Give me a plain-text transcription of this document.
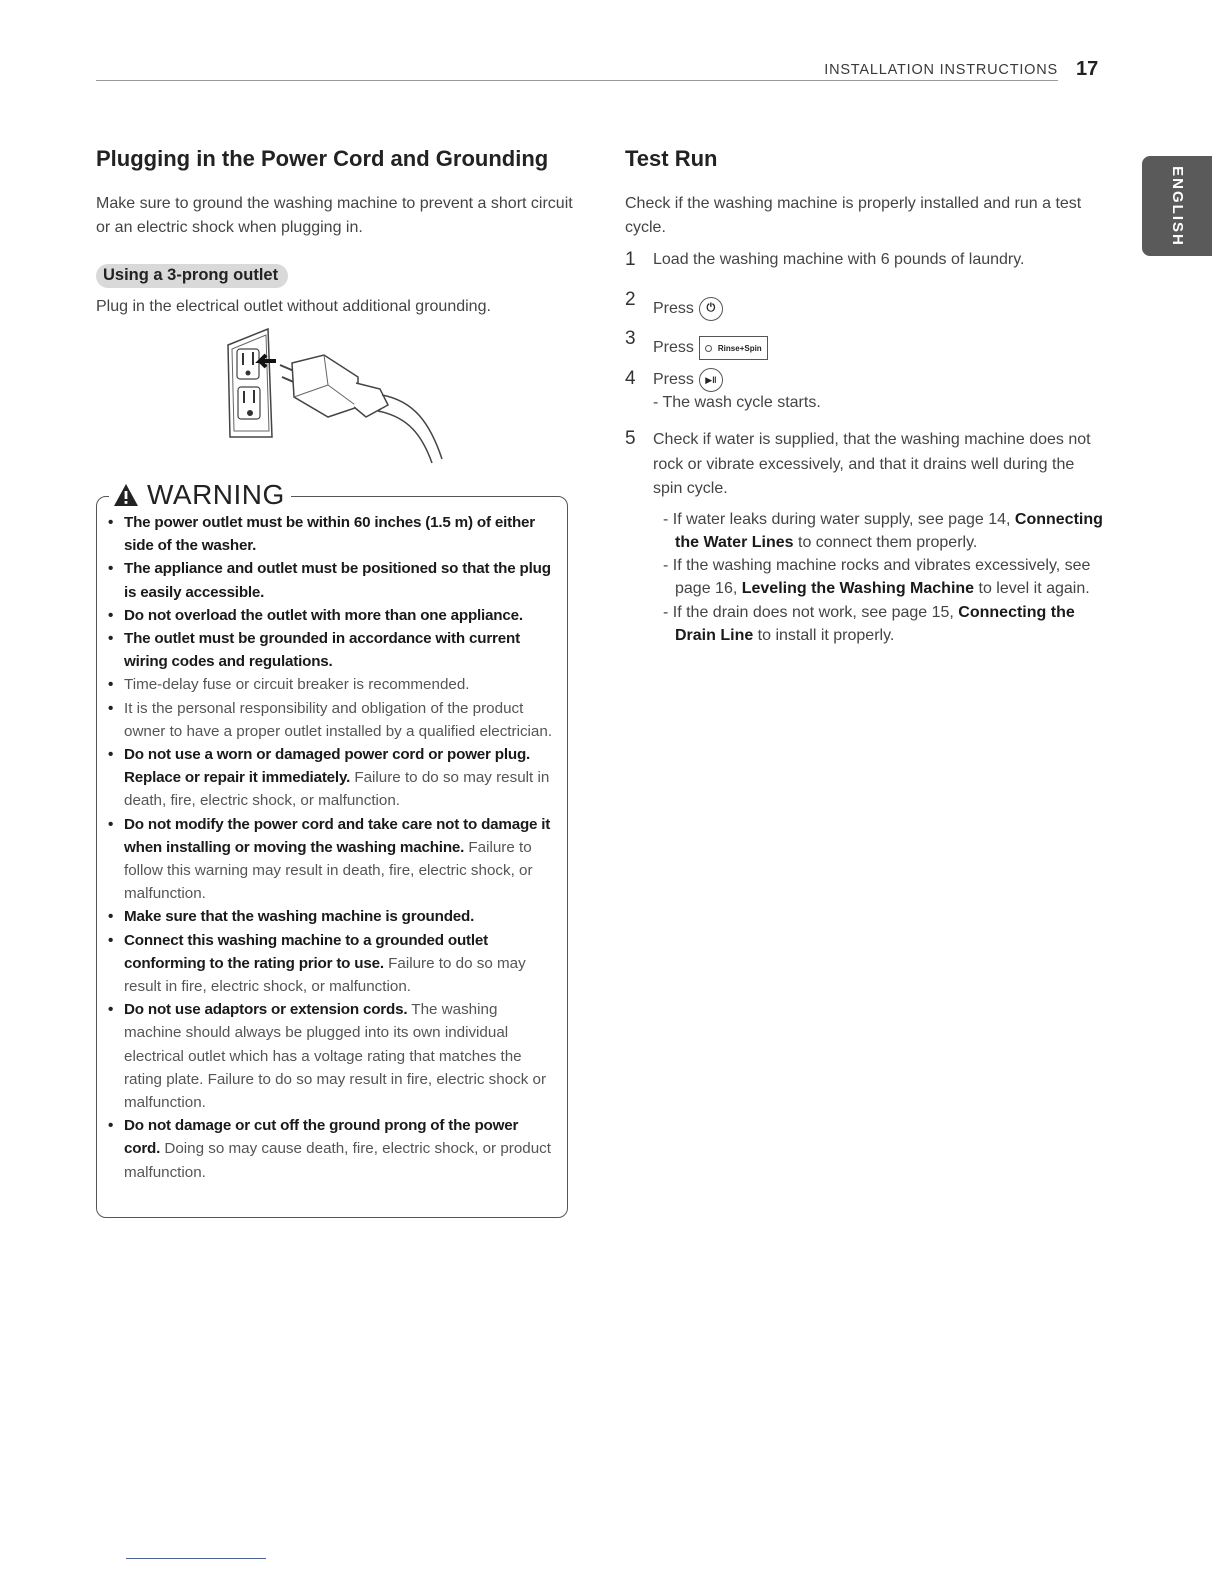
INSTALLATION INSTRUCTIONS 17
ENGLISH
Plugging in the Power Cord and Grounding

Make sure to ground the washing machine to prevent a short circuit or an electric shock when plugging in.

Using a 3-prong outlet

Plug in the electrical outlet without additional grounding.

WARNING
• The power outlet must be within 60 inches (1.5 m) of either side of the washer.
• The appliance and outlet must be positioned so that the plug is easily accessible.
• Do not overload the outlet with more than one appliance.
• The outlet must be grounded in accordance with current wiring codes and regulations.
• Time-delay fuse or circuit breaker is recommended.
• It is the personal responsibility and obligation of the product owner to have a proper outlet installed by a qualified electrician.
• Do not use a worn or damaged power cord or power plug. Replace or repair it immediately. Failure to do so may result in death, fire, electric shock, or malfunction.
• Do not modify the power cord and take care not to damage it when installing or moving the washing machine. Failure to follow this warning may result in death, fire, electric shock, or malfunction.
• Make sure that the washing machine is grounded.
• Connect this washing machine to a grounded outlet conforming to the rating prior to use. Failure to do so may result in fire, electric shock, or malfunction.
• Do not use adaptors or extension cords. The washing machine should always be plugged into its own individual electrical outlet which has a voltage rating that matches the rating plate. Failure to do so may result in fire, electric shock or malfunction.
• Do not damage or cut off the ground prong of the power cord. Doing so may cause death, fire, electric shock, or product malfunction.
Test Run

Check if the washing machine is properly installed and run a test cycle.

1	Load the washing machine with 6 pounds of laundry.
2	Press	⏻
3	Press	Rinse+Spin
4	Press	▶‖
- The wash cycle starts.
5	Check if water is supplied, that the washing machine does not rock or vibrate excessively, and that it drains well during the spin cycle.
- If water leaks during water supply, see page 14, Connecting the Water Lines to connect them properly.
- If the washing machine rocks and vibrates excessively, see page 16, Leveling the Washing Machine to level it again.
- If the drain does not work, see page 15, Connecting the Drain Line to install it properly.
